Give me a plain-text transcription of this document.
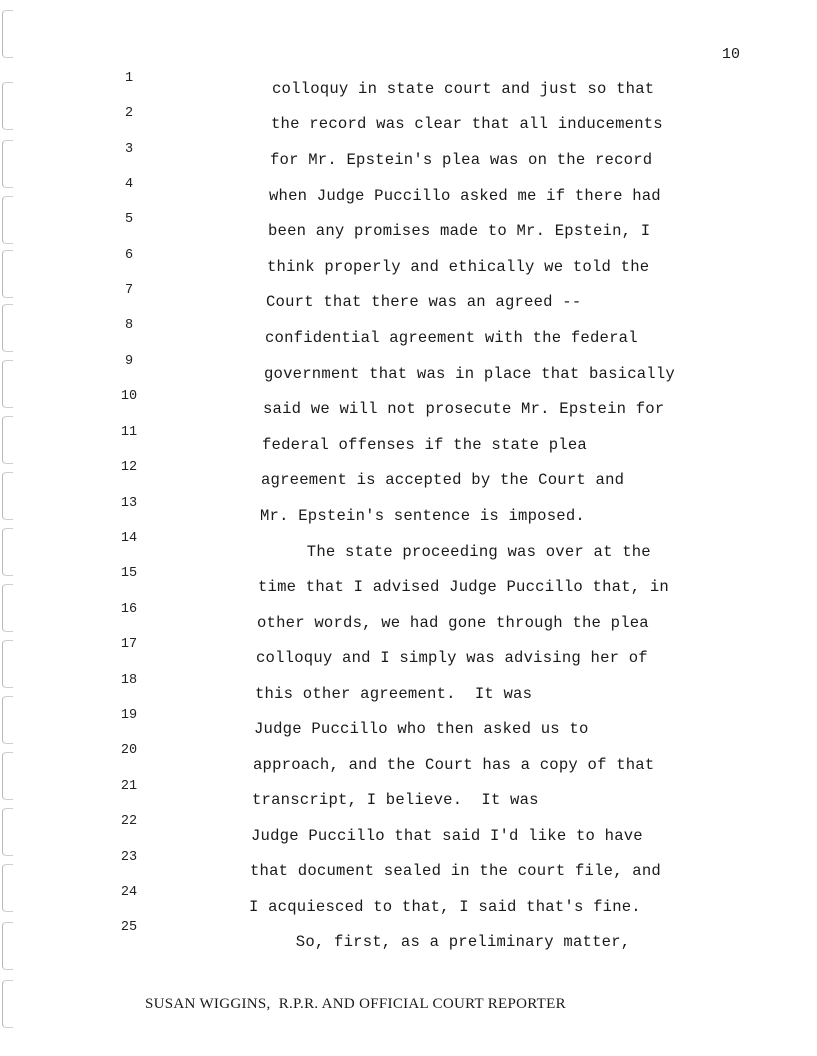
10
1
colloquy in state court and just so that
2
the record was clear that all inducements
3
for Mr. Epstein's plea was on the record
4
when Judge Puccillo asked me if there had
5
been any promises made to Mr. Epstein, I
6
think properly and ethically we told the
7
Court that there was an agreed --
8
confidential agreement with the federal
9
government that was in place that basically
10
said we will not prosecute Mr. Epstein for
11
federal offenses if the state plea
12
agreement is accepted by the Court and
13
Mr. Epstein's sentence is imposed.
14
The state proceeding was over at the
15
time that I advised Judge Puccillo that, in
16
other words, we had gone through the plea
17
colloquy and I simply was advising her of
18
this other agreement.  It was
19
Judge Puccillo who then asked us to
20
approach, and the Court has a copy of that
21
transcript, I believe.  It was
22
Judge Puccillo that said I'd like to have
23
that document sealed in the court file, and
24
I acquiesced to that, I said that's fine.
25
So, first, as a preliminary matter,
SUSAN WIGGINS,  R.P.R. AND OFFICIAL COURT REPORTER
